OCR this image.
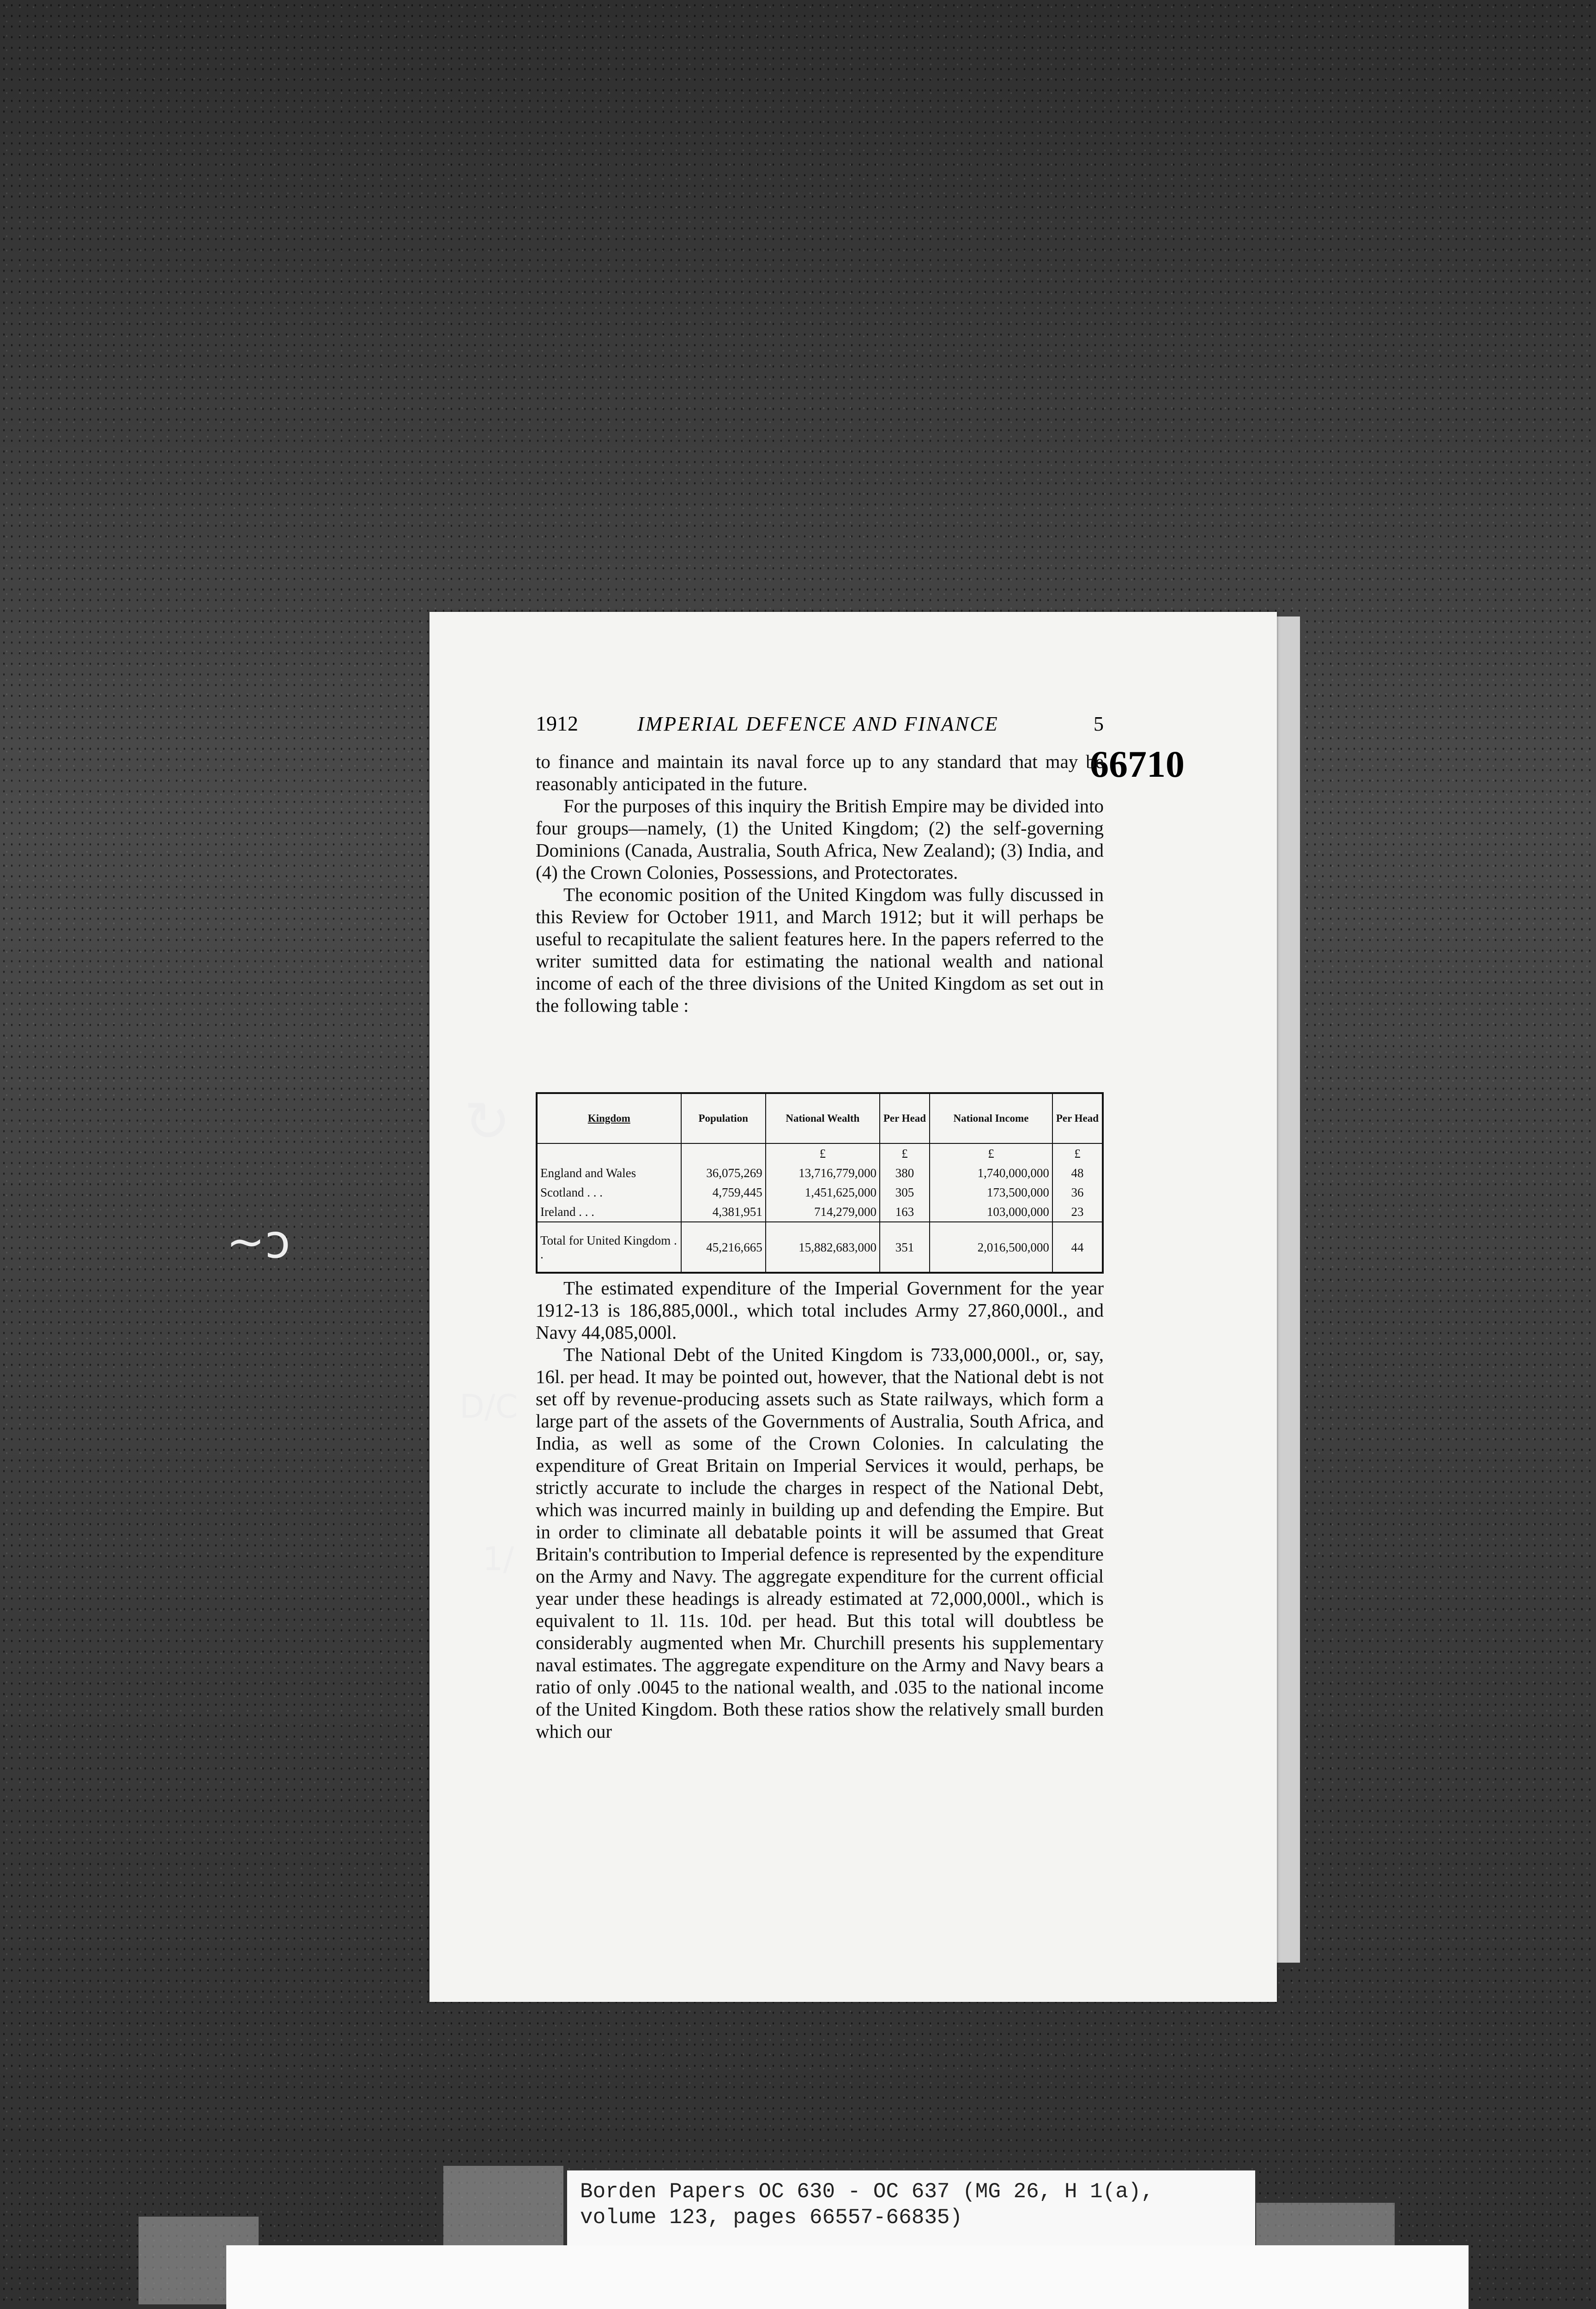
1912	IMPERIAL DEFENCE AND FINANCE	5
66710

to finance and maintain its naval force up to any standard that may be reasonably anticipated in the future.

For the purposes of this inquiry the British Empire may be divided into four groups—namely, (1) the United Kingdom; (2) the self-governing Dominions (Canada, Australia, South Africa, New Zealand); (3) India, and (4) the Crown Colonies, Possessions, and Protectorates.

The economic position of the United Kingdom was fully discussed in this Review for October 1911, and March 1912; but it will perhaps be useful to recapitulate the salient features here. In the papers referred to the writer sumitted data for estimating the national wealth and national income of each of the three divisions of the United Kingdom as set out in the following table :

Kingdom	Population	National Wealth	Per Head	National Income	Per Head
		£	£	£	£
England and Wales	36,075,269	13,716,779,000	380	1,740,000,000	48
Scotland . . .	4,759,445	1,451,625,000	305	173,500,000	36
Ireland . . .	4,381,951	714,279,000	163	103,000,000	23
Total for United Kingdom . .	45,216,665	15,882,683,000	351	2,016,500,000	44

The estimated expenditure of the Imperial Government for the year 1912-13 is 186,885,000l., which total includes Army 27,860,000l., and Navy 44,085,000l.

The National Debt of the United Kingdom is 733,000,000l., or, say, 16l. per head. It may be pointed out, however, that the National debt is not set off by revenue-producing assets such as State railways, which form a large part of the assets of the Governments of Australia, South Africa, and India, as well as some of the Crown Colonies. In calculating the expenditure of Great Britain on Imperial Services it would, perhaps, be strictly accurate to include the charges in respect of the National Debt, which was incurred mainly in building up and defending the Empire. But in order to climinate all debatable points it will be assumed that Great Britain's contribution to Imperial defence is represented by the expenditure on the Army and Navy. The aggregate expenditure for the current official year under these headings is already estimated at 72,000,000l., which is equivalent to 1l. 11s. 10d. per head. But this total will doubtless be considerably augmented when Mr. Churchill presents his supplementary naval estimates. The aggregate expenditure on the Army and Navy bears a ratio of only .0045 to the national wealth, and .035 to the national income of the United Kingdom. Both these ratios show the relatively small burden which our

↻
~ↄ
D/C
1/
Borden Papers OC 630 - OC 637 (MG 26, H 1(a),
volume 123, pages 66557-66835)
